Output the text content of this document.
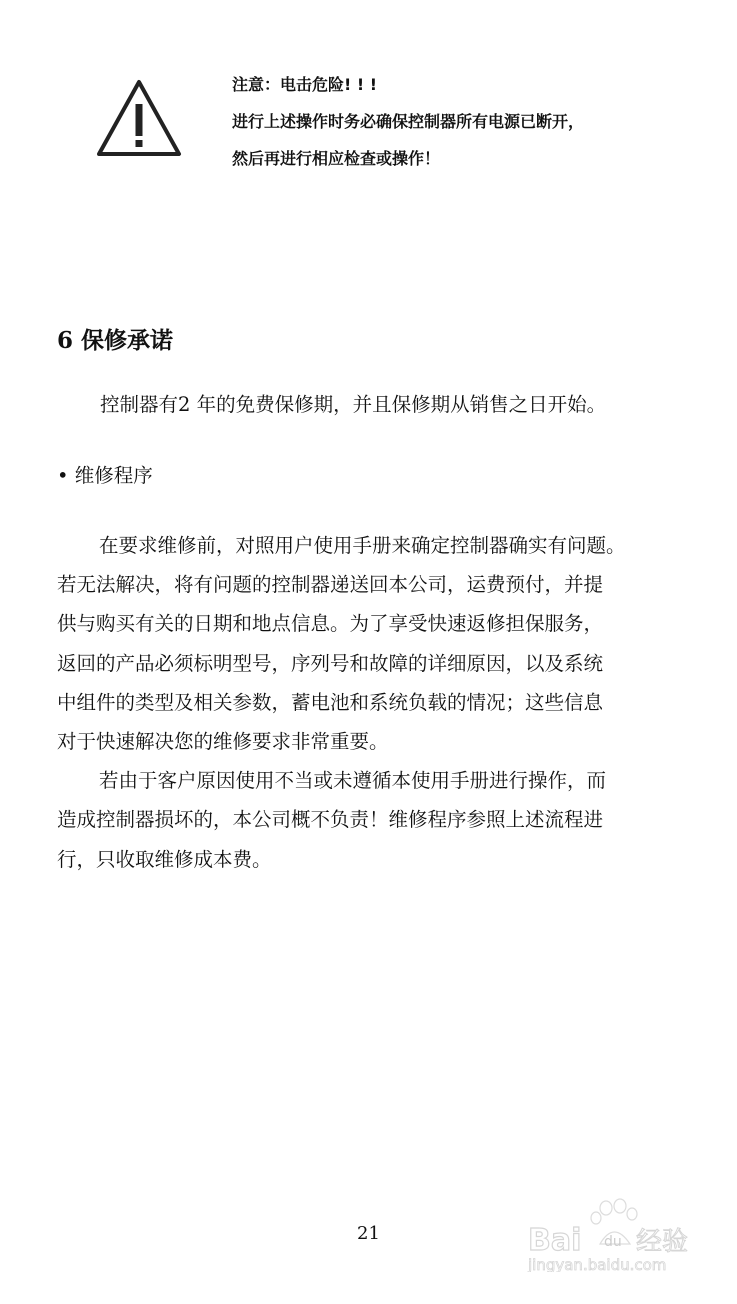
注意：电击危险! ! !
进行上述操作时务必确保控制器所有电源已断开，
然后再进行相应检查或操作！
6 保修承诺
控制器有2 年的免费保修期，并且保修期从销售之日开始。
• 维修程序
在要求维修前，对照用户使用手册来确定控制器确实有问题。
若无法解决，将有问题的控制器递送回本公司，运费预付，并提
供与购买有关的日期和地点信息。为了享受快速返修担保服务，
返回的产品必须标明型号，序列号和故障的详细原因，以及系统
中组件的类型及相关参数，蓄电池和系统负载的情况；这些信息
对于快速解决您的维修要求非常重要。
若由于客户原因使用不当或未遵循本使用手册进行操作，而
造成控制器损坏的，本公司概不负责！维修程序参照上述流程进
行，只收取维修成本费。
21	Bai du 经验
jingyan.baidu.com
